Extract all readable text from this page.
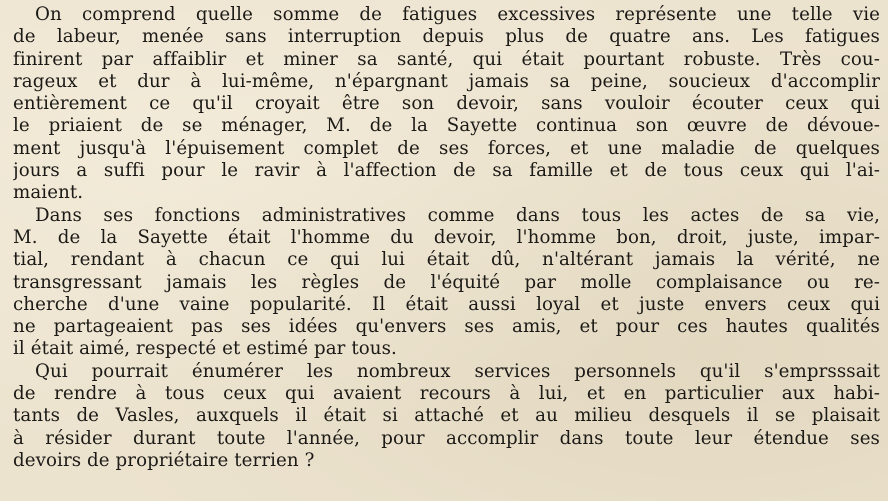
On comprend quelle somme de fatigues excessives représente une telle vie
de labeur, menée sans interruption depuis plus de quatre ans. Les fatigues
finirent par affaiblir et miner sa santé, qui était pourtant robuste. Très cou-
rageux et dur à lui-même, n'épargnant jamais sa peine, soucieux d'accomplir
entièrement ce qu'il croyait être son devoir, sans vouloir écouter ceux qui
le priaient de se ménager, M. de la Sayette continua son œuvre de dévoue-
ment jusqu'à l'épuisement complet de ses forces, et une maladie de quelques
jours a suffi pour le ravir à l'affection de sa famille et de tous ceux qui l'ai-
maient.
Dans ses fonctions administratives comme dans tous les actes de sa vie,
M. de la Sayette était l'homme du devoir, l'homme bon, droit, juste, impar-
tial, rendant à chacun ce qui lui était dû, n'altérant jamais la vérité, ne
transgressant jamais les règles de l'équité par molle complaisance ou re-
cherche d'une vaine popularité. Il était aussi loyal et juste envers ceux qui
ne partageaient pas ses idées qu'envers ses amis, et pour ces hautes qualités
il était aimé, respecté et estimé par tous.
Qui pourrait énumérer les nombreux services personnels qu'il s'emprsssait
de rendre à tous ceux qui avaient recours à lui, et en particulier aux habi-
tants de Vasles, auxquels il était si attaché et au milieu desquels il se plaisait
à résider durant toute l'année, pour accomplir dans toute leur étendue ses
devoirs de propriétaire terrien ?
